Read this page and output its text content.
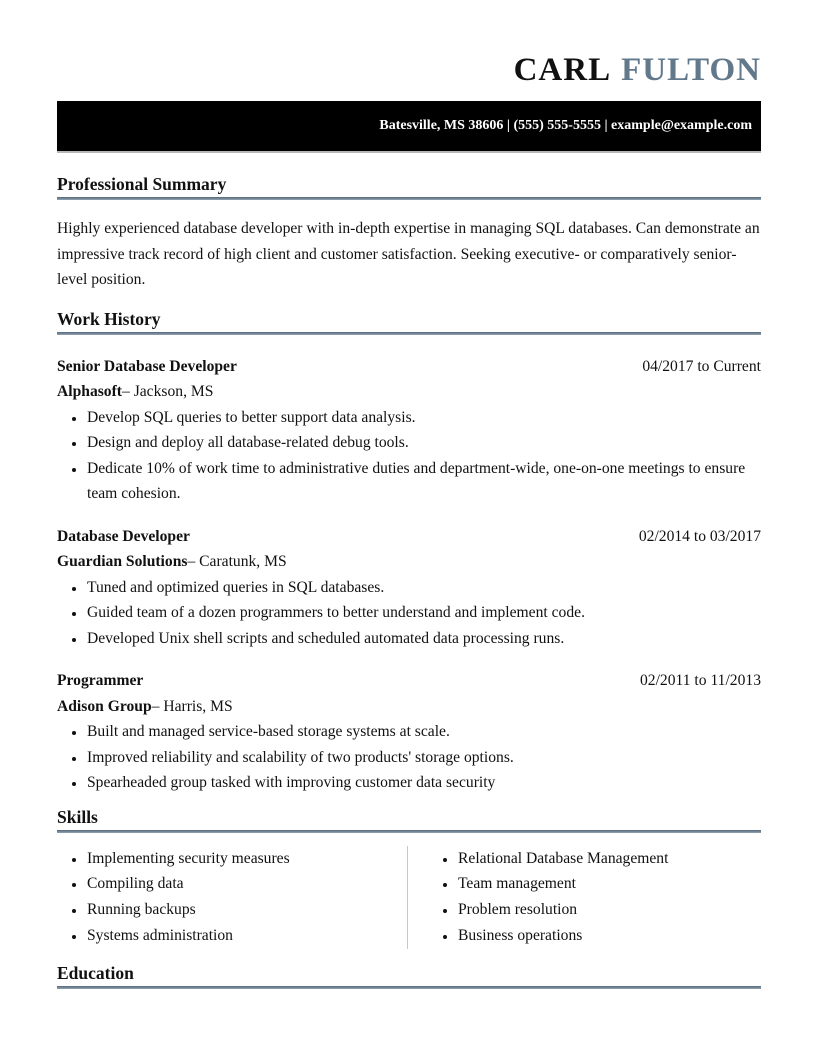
CARL FULTON
Batesville, MS 38606 | (555) 555-5555 | example@example.com
Professional Summary

Highly experienced database developer with in-depth expertise in managing SQL databases. Can demonstrate an impressive track record of high client and customer satisfaction. Seeking executive- or comparatively senior-level position.

Work History
Senior Database Developer	04/2017 to Current
Alphasoft– Jackson, MS
• Develop SQL queries to better support data analysis.
• Design and deploy all database-related debug tools.
• Dedicate 10% of work time to administrative duties and department-wide, one-on-one meetings to ensure team cohesion.
Database Developer	02/2014 to 03/2017
Guardian Solutions– Caratunk, MS
• Tuned and optimized queries in SQL databases.
• Guided team of a dozen programmers to better understand and implement code.
• Developed Unix shell scripts and scheduled automated data processing runs.
Programmer	02/2011 to 11/2013
Adison Group– Harris, MS
• Built and managed service-based storage systems at scale.
• Improved reliability and scalability of two products' storage options.
• Spearheaded group tasked with improving customer data security
Skills
• Implementing security measures
• Compiling data
• Running backups
• Systems administration
• Relational Database Management
• Team management
• Problem resolution
• Business operations
Education
